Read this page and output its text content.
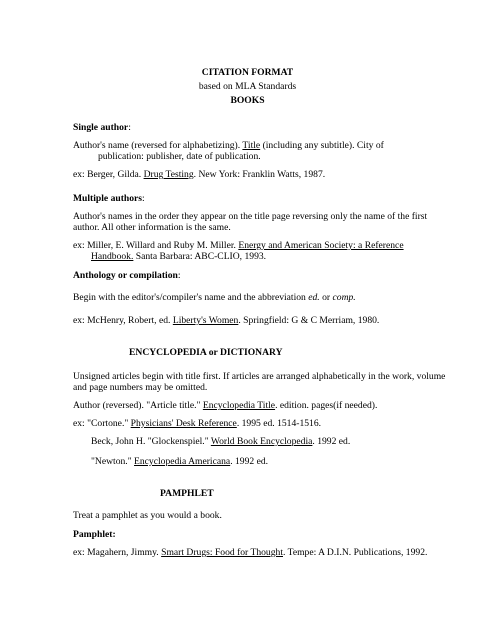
CITATION FORMAT
based on MLA Standards
BOOKS
Single author:
Author's name (reversed for alphabetizing). Title (including any subtitle). City of
publication: publisher, date of publication.
ex: Berger, Gilda. Drug Testing. New York: Franklin Watts, 1987.
Multiple authors:
Author's names in the order they appear on the title page reversing only the name of the first
author. All other information is the same.
ex: Miller, E. Willard and Ruby M. Miller. Energy and American Society: a Reference
Handbook. Santa Barbara: ABC-CLIO, 1993.
Anthology or compilation:
Begin with the editor's/compiler's name and the abbreviation ed. or comp.
ex: McHenry, Robert, ed. Liberty's Women. Springfield: G & C Merriam, 1980.
ENCYCLOPEDIA or DICTIONARY
Unsigned articles begin with title first. If articles are arranged alphabetically in the work, volume
and page numbers may be omitted.
Author (reversed). "Article title." Encyclopedia Title. edition. pages(if needed).
ex: "Cortone." Physicians' Desk Reference. 1995 ed. 1514-1516.
Beck, John H. "Glockenspiel." World Book Encyclopedia. 1992 ed.
"Newton." Encyclopedia Americana. 1992 ed.
PAMPHLET
Treat a pamphlet as you would a book.
Pamphlet:
ex: Magahern, Jimmy. Smart Drugs: Food for Thought. Tempe: A D.I.N. Publications, 1992.
